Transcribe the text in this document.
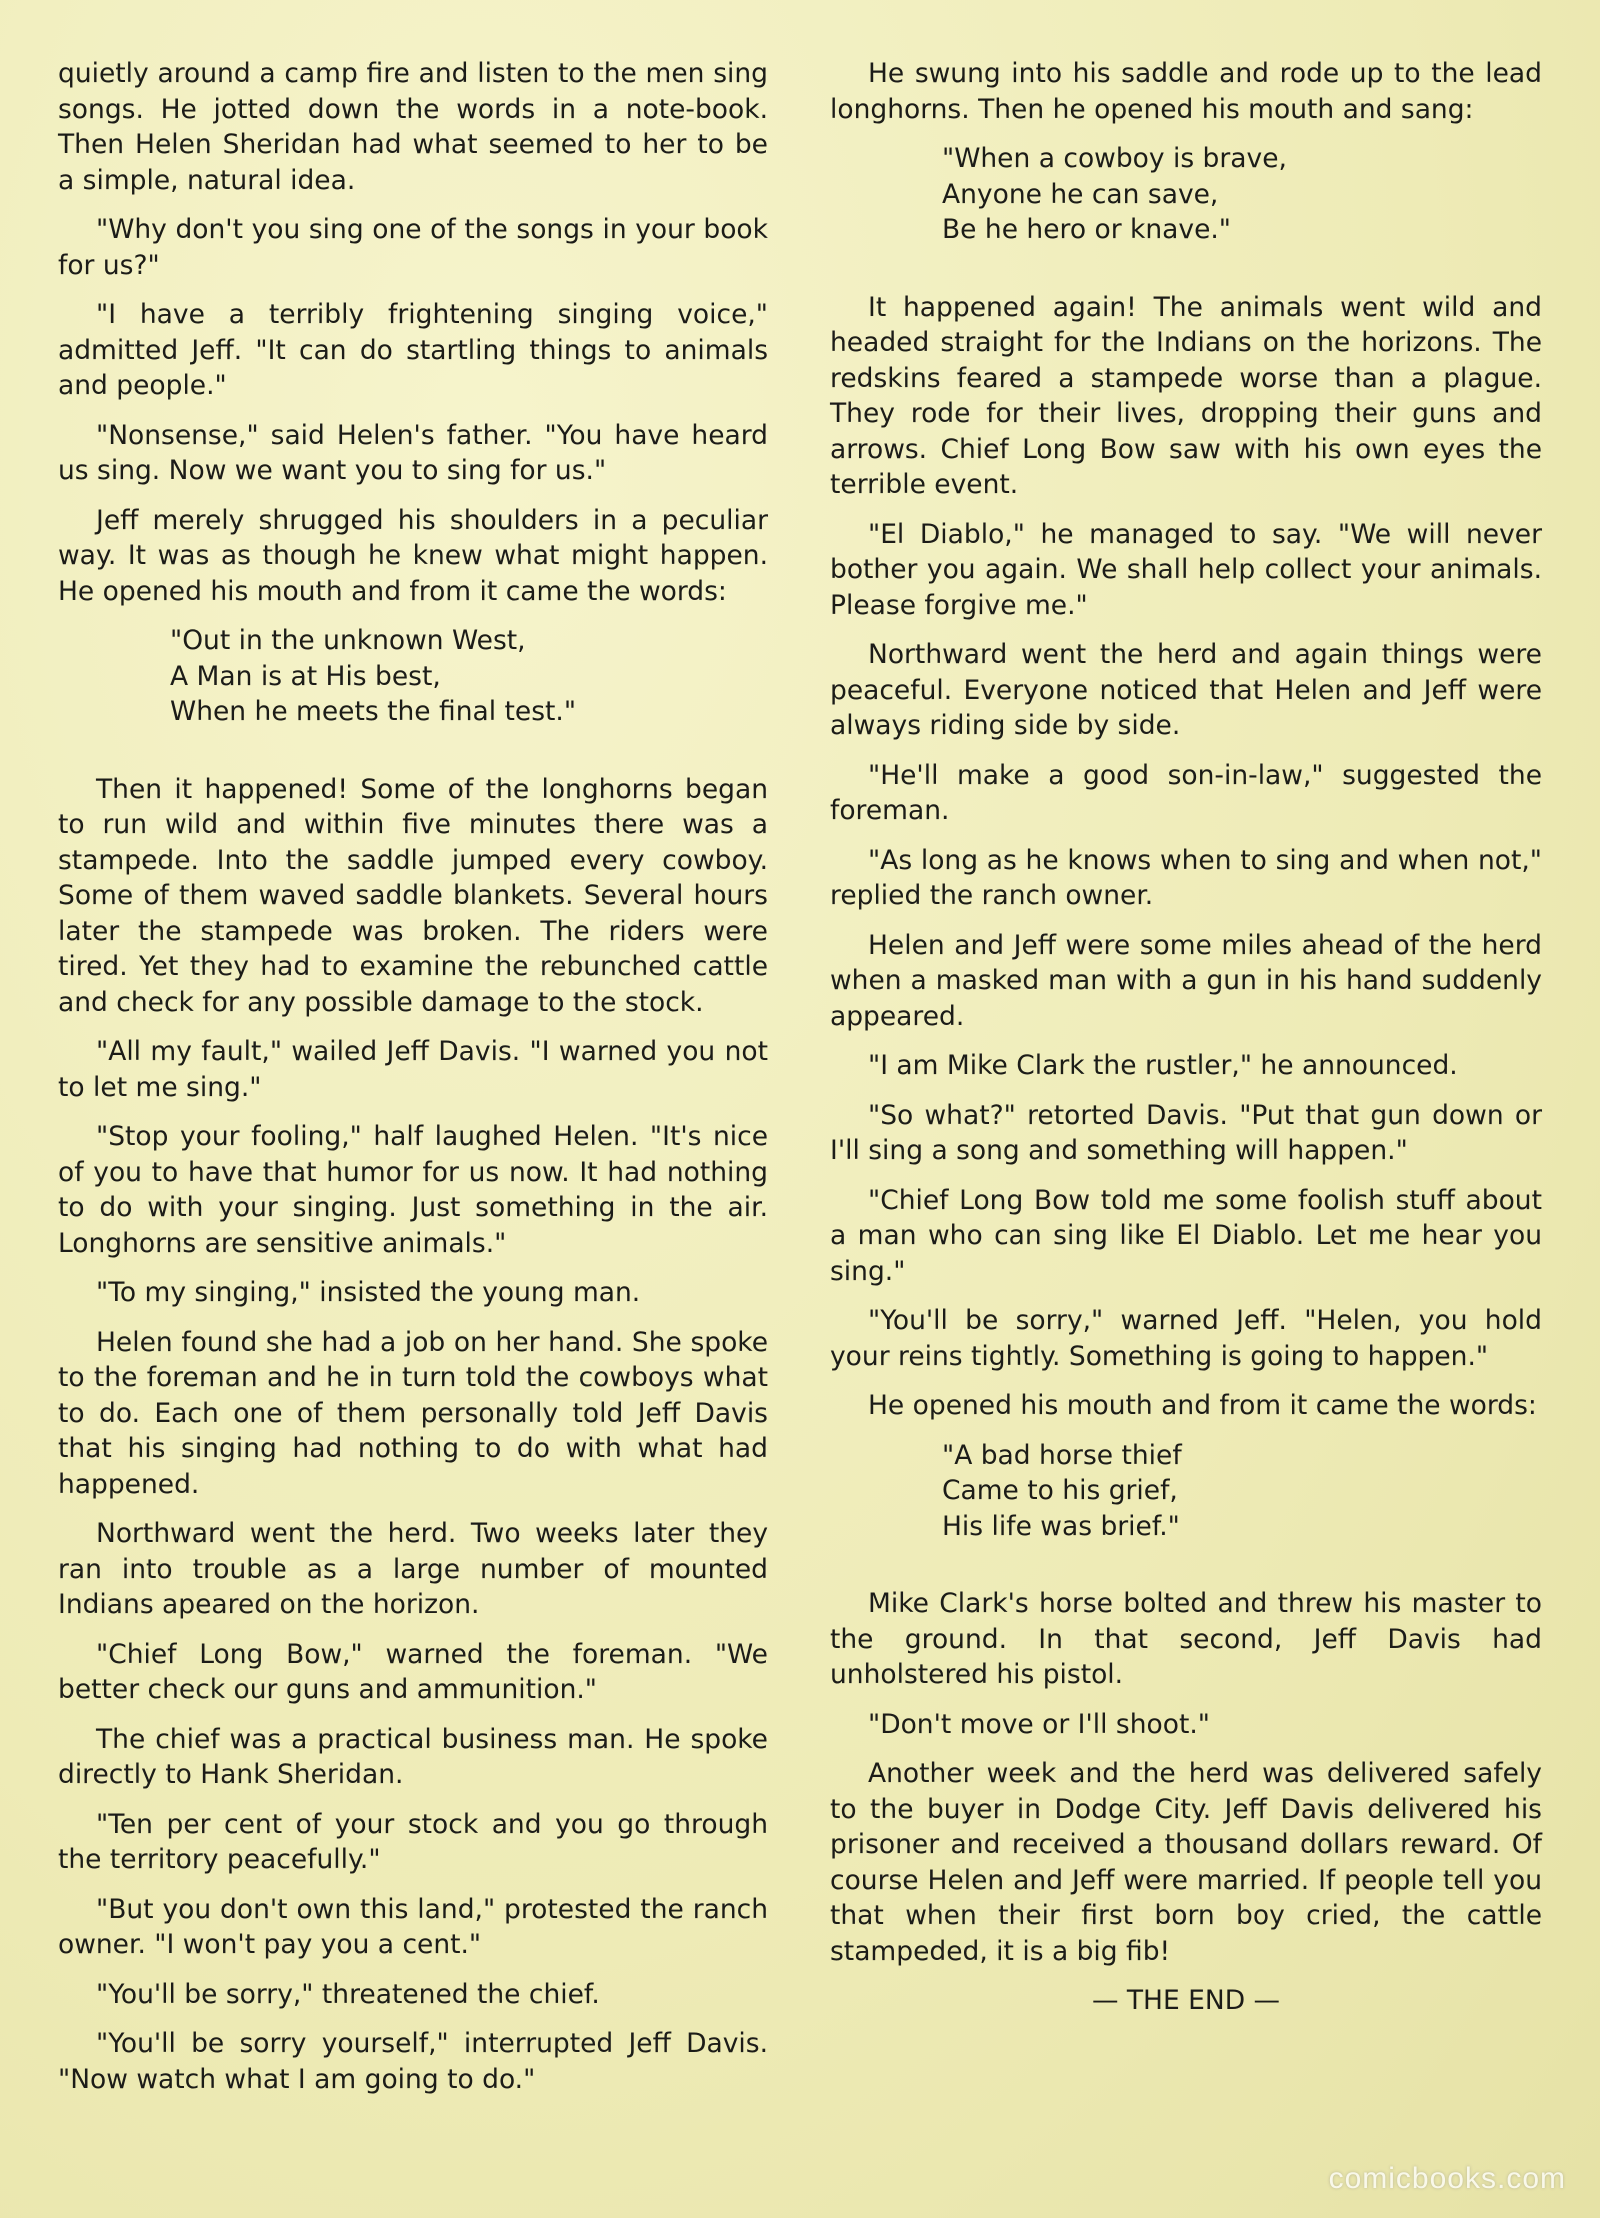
quietly around a camp fire and listen to the men sing songs. He jotted down the words in a note-book. Then Helen Sheridan had what seemed to her to be a simple, natural idea.

"Why don't you sing one of the songs in your book for us?"

"I have a terribly frightening singing voice," admitted Jeff. "It can do startling things to animals and people."

"Nonsense," said Helen's father. "You have heard us sing. Now we want you to sing for us."

Jeff merely shrugged his shoulders in a peculiar way. It was as though he knew what might happen. He opened his mouth and from it came the words:

"Out in the unknown West,
A Man is at His best,
When he meets the final test."

Then it happened! Some of the longhorns began to run wild and within five minutes there was a stampede. Into the saddle jumped every cowboy. Some of them waved saddle blankets. Several hours later the stampede was broken. The riders were tired. Yet they had to examine the rebunched cattle and check for any possible damage to the stock.

"All my fault," wailed Jeff Davis. "I warned you not to let me sing."

"Stop your fooling," half laughed Helen. "It's nice of you to have that humor for us now. It had nothing to do with your singing. Just something in the air. Longhorns are sensitive animals."

"To my singing," insisted the young man.

Helen found she had a job on her hand. She spoke to the foreman and he in turn told the cowboys what to do. Each one of them personally told Jeff Davis that his singing had nothing to do with what had happened.

Northward went the herd. Two weeks later they ran into trouble as a large number of mounted Indians apeared on the horizon.

"Chief Long Bow," warned the foreman. "We better check our guns and ammunition."

The chief was a practical business man. He spoke directly to Hank Sheridan.

"Ten per cent of your stock and you go through the territory peacefully."

"But you don't own this land," protested the ranch owner. "I won't pay you a cent."

"You'll be sorry," threatened the chief.

"You'll be sorry yourself," interrupted Jeff Davis. "Now watch what I am going to do."

He swung into his saddle and rode up to the lead longhorns. Then he opened his mouth and sang:

"When a cowboy is brave,
Anyone he can save,
Be he hero or knave."

It happened again! The animals went wild and headed straight for the Indians on the horizons. The redskins feared a stampede worse than a plague. They rode for their lives, dropping their guns and arrows. Chief Long Bow saw with his own eyes the terrible event.

"El Diablo," he managed to say. "We will never bother you again. We shall help collect your animals. Please forgive me."

Northward went the herd and again things were peaceful. Everyone noticed that Helen and Jeff were always riding side by side.

"He'll make a good son-in-law," suggested the foreman.

"As long as he knows when to sing and when not," replied the ranch owner.

Helen and Jeff were some miles ahead of the herd when a masked man with a gun in his hand suddenly appeared.

"I am Mike Clark the rustler," he announced.

"So what?" retorted Davis. "Put that gun down or I'll sing a song and something will happen."

"Chief Long Bow told me some foolish stuff about a man who can sing like El Diablo. Let me hear you sing."

"You'll be sorry," warned Jeff. "Helen, you hold your reins tightly. Something is going to happen."

He opened his mouth and from it came the words:

"A bad horse thief
Came to his grief,
His life was brief."

Mike Clark's horse bolted and threw his master to the ground. In that second, Jeff Davis had unholstered his pistol.

"Don't move or I'll shoot."

Another week and the herd was delivered safely to the buyer in Dodge City. Jeff Davis delivered his prisoner and received a thousand dollars reward. Of course Helen and Jeff were married. If people tell you that when their first born boy cried, the cattle stampeded, it is a big fib!

— THE END —

comicbooks.com
